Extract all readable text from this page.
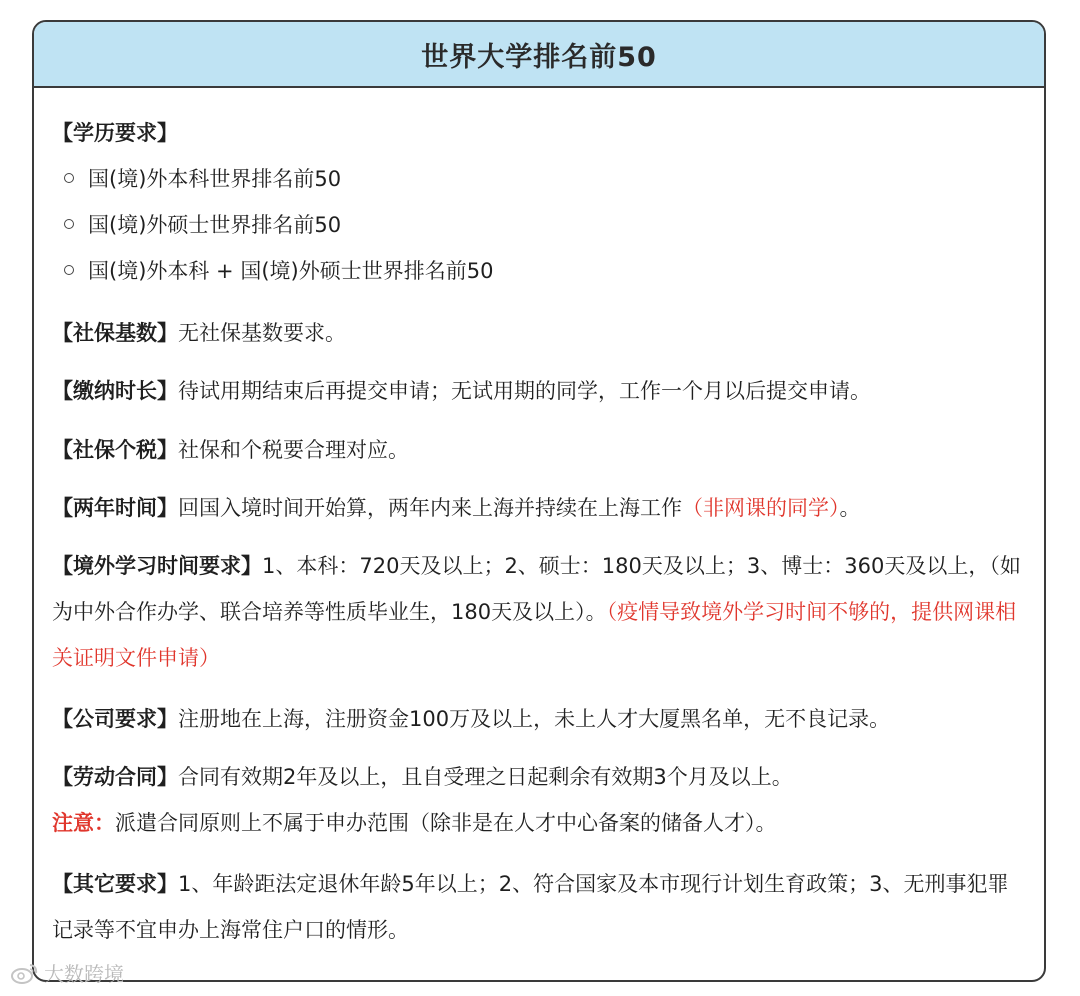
世界大学排名前50
【学历要求】
国(境)外本科世界排名前50
国(境)外硕士世界排名前50
国(境)外本科 + 国(境)外硕士世界排名前50
【社保基数】无社保基数要求。
【缴纳时长】待试用期结束后再提交申请；无试用期的同学，工作一个月以后提交申请。
【社保个税】社保和个税要合理对应。
【两年时间】回国入境时间开始算，两年内来上海并持续在上海工作（非网课的同学）。
【境外学习时间要求】1、本科：720天及以上；2、硕士：180天及以上；3、博士：360天及以上，（如为中外合作办学、联合培养等性质毕业生，180天及以上）。（疫情导致境外学习时间不够的，提供网课相关证明文件申请）
【公司要求】注册地在上海，注册资金100万及以上，未上人才大厦黑名单，无不良记录。
【劳动合同】合同有效期2年及以上，且自受理之日起剩余有效期3个月及以上。
注意：派遣合同原则上不属于申办范围（除非是在人才中心备案的储备人才）。
【其它要求】1、年龄距法定退休年龄5年以上；2、符合国家及本市现行计划生育政策；3、无刑事犯罪记录等不宜申办上海常住户口的情形。
大数跨境
